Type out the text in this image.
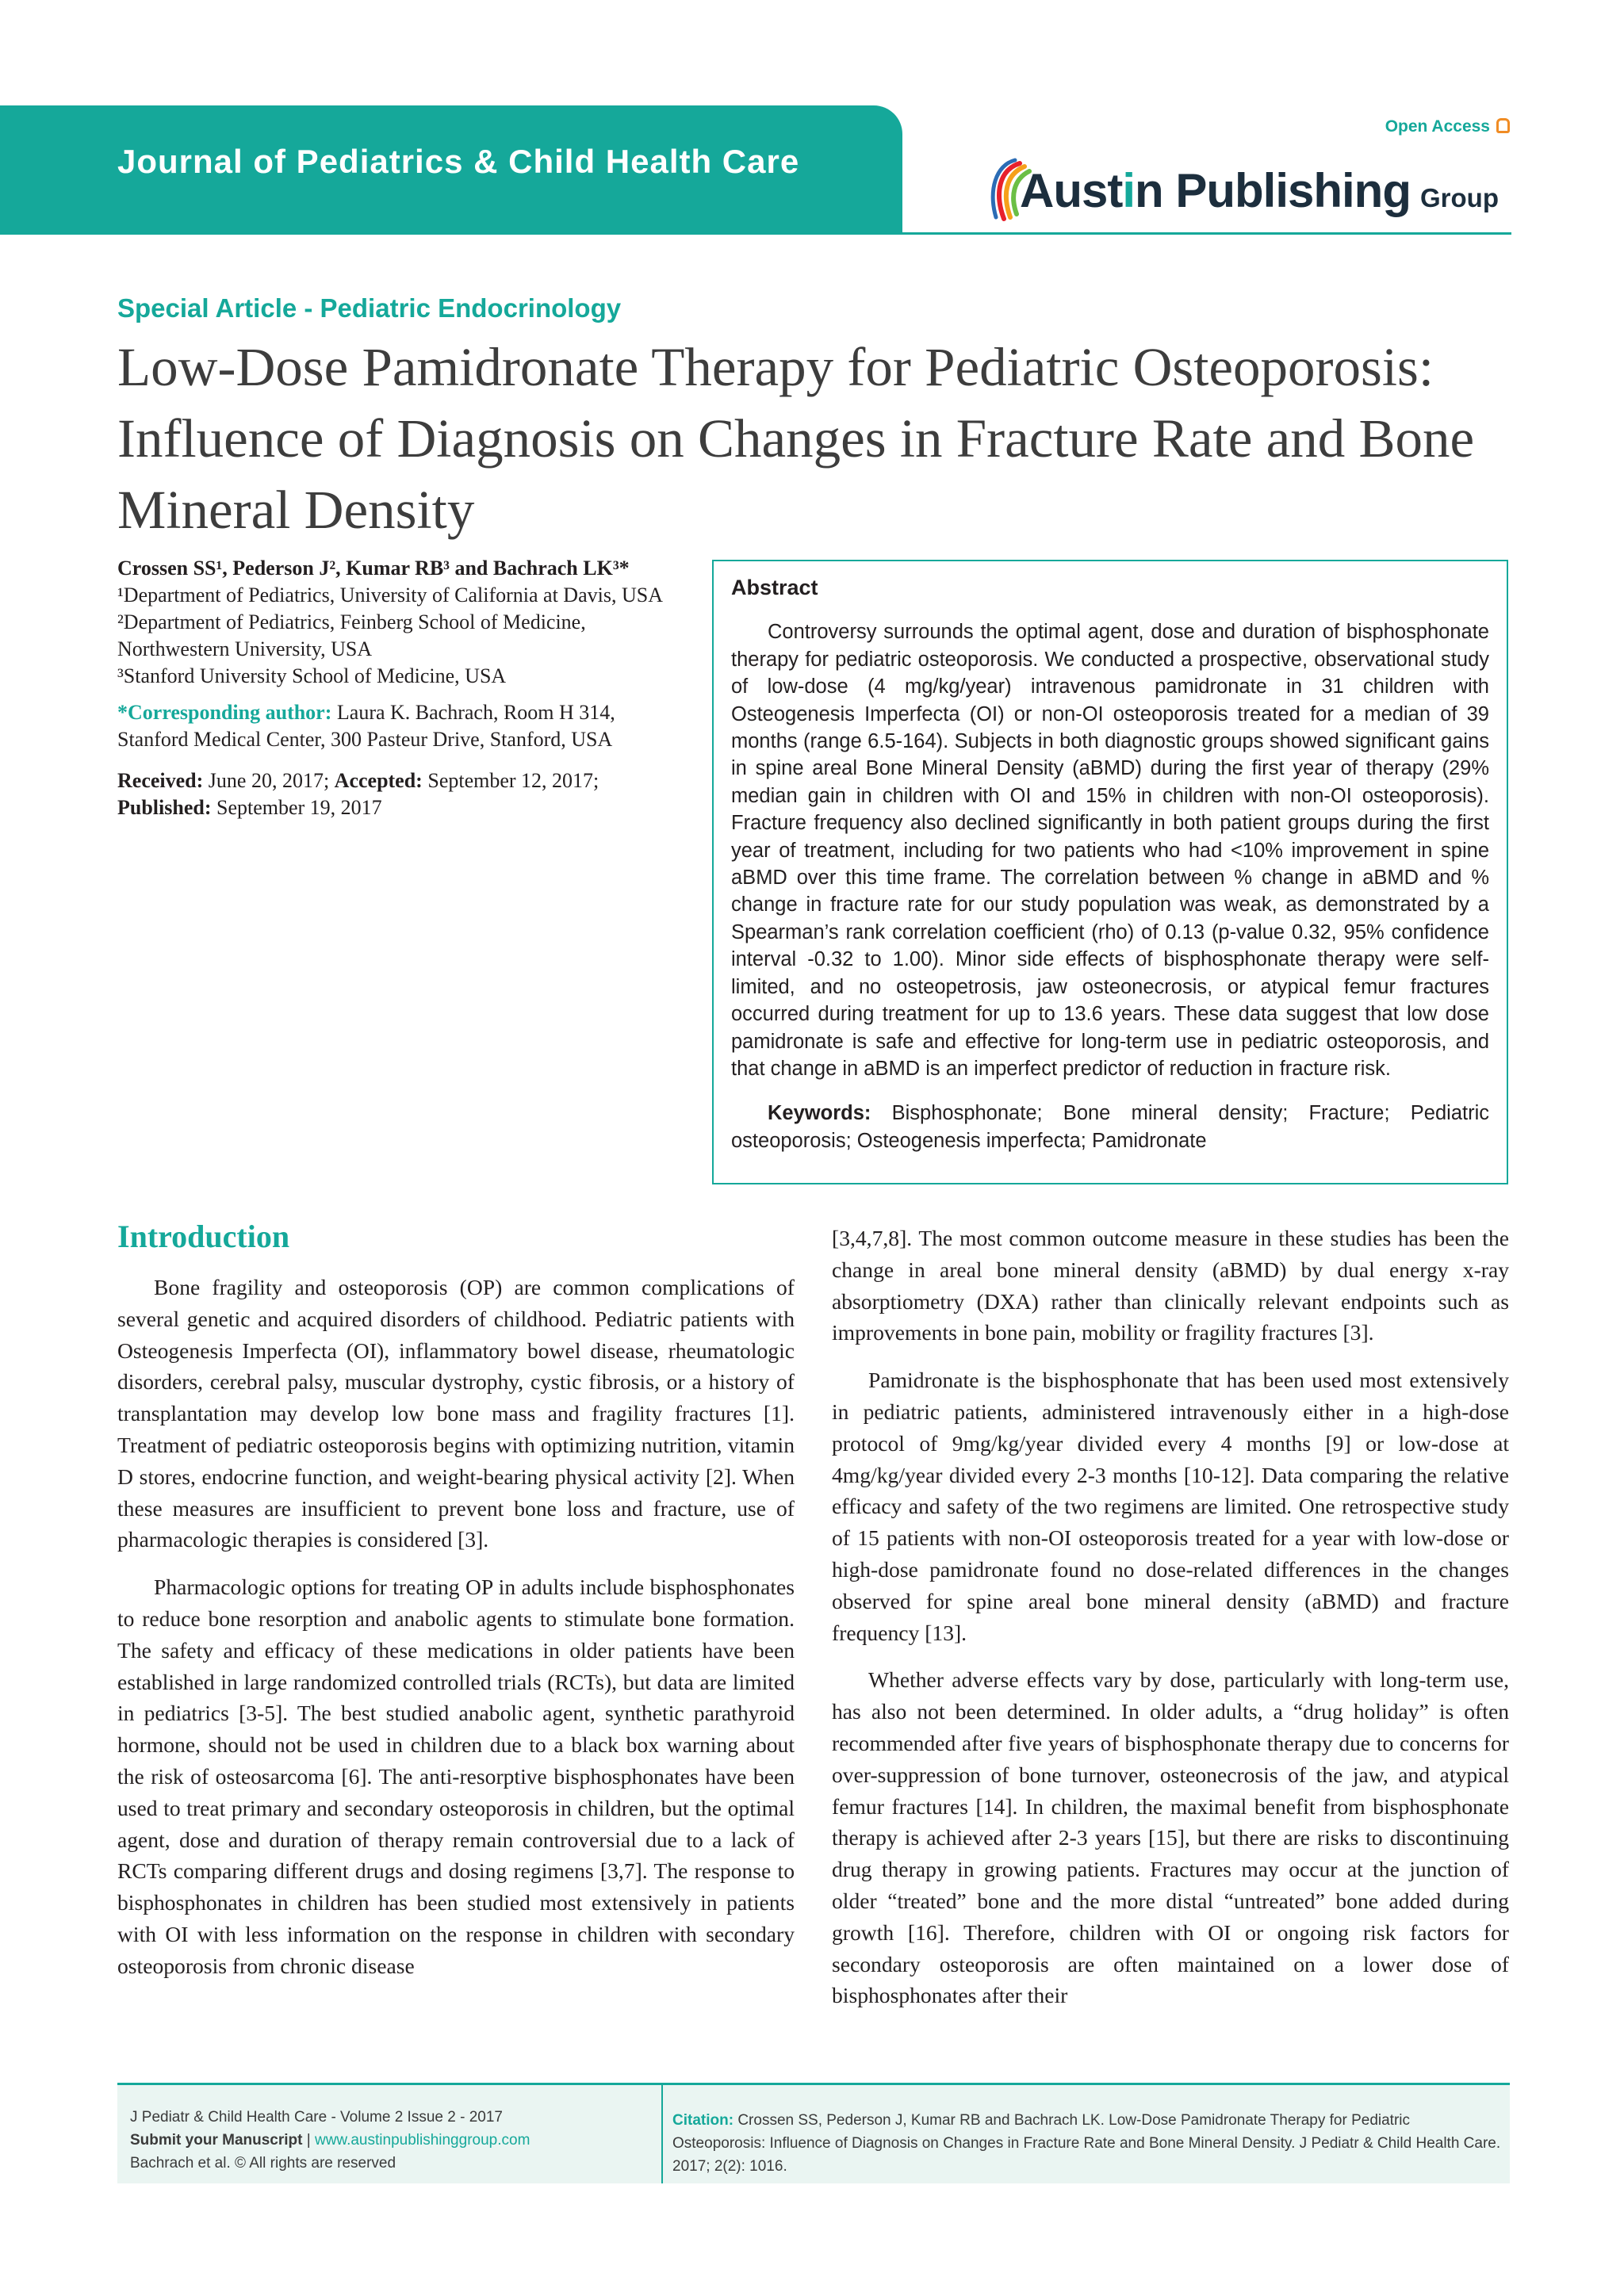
Journal of Pediatrics & Child Health Care
Open Access
Austin Publishing Group
Special Article - Pediatric Endocrinology
Low-Dose Pamidronate Therapy for Pediatric Osteoporosis: Influence of Diagnosis on Changes in Fracture Rate and Bone Mineral Density

Crossen SS¹, Pederson J², Kumar RB³ and Bachrach LK³*

¹Department of Pediatrics, University of California at Davis, USA

²Department of Pediatrics, Feinberg School of Medicine, Northwestern University, USA

³Stanford University School of Medicine, USA

*Corresponding author: Laura K. Bachrach, Room H 314, Stanford Medical Center, 300 Pasteur Drive, Stanford, USA

Received: June 20, 2017; Accepted: September 12, 2017; Published: September 19, 2017

Abstract

Controversy surrounds the optimal agent, dose and duration of bisphosphonate therapy for pediatric osteoporosis. We conducted a prospective, observational study of low-dose (4 mg/kg/year) intravenous pamidronate in 31 children with Osteogenesis Imperfecta (OI) or non-OI osteoporosis treated for a median of 39 months (range 6.5-164). Subjects in both diagnostic groups showed significant gains in spine areal Bone Mineral Density (aBMD) during the first year of therapy (29% median gain in children with OI and 15% in children with non-OI osteoporosis). Fracture frequency also declined significantly in both patient groups during the first year of treatment, including for two patients who had <10% improvement in spine aBMD over this time frame. The correlation between % change in aBMD and % change in fracture rate for our study population was weak, as demonstrated by a Spearman’s rank correlation coefficient (rho) of 0.13 (p-value 0.32, 95% confidence interval -0.32 to 1.00). Minor side effects of bisphosphonate therapy were self-limited, and no osteopetrosis, jaw osteonecrosis, or atypical femur fractures occurred during treatment for up to 13.6 years. These data suggest that low dose pamidronate is safe and effective for long-term use in pediatric osteoporosis, and that change in aBMD is an imperfect predictor of reduction in fracture risk.

Keywords: Bisphosphonate; Bone mineral density; Fracture; Pediatric osteoporosis; Osteogenesis imperfecta; Pamidronate

Introduction

Bone fragility and osteoporosis (OP) are common complications of several genetic and acquired disorders of childhood. Pediatric patients with Osteogenesis Imperfecta (OI), inflammatory bowel disease, rheumatologic disorders, cerebral palsy, muscular dystrophy, cystic fibrosis, or a history of transplantation may develop low bone mass and fragility fractures [1]. Treatment of pediatric osteoporosis begins with optimizing nutrition, vitamin D stores, endocrine function, and weight-bearing physical activity [2]. When these measures are insufficient to prevent bone loss and fracture, use of pharmacologic therapies is considered [3].

Pharmacologic options for treating OP in adults include bisphosphonates to reduce bone resorption and anabolic agents to stimulate bone formation. The safety and efficacy of these medications in older patients have been established in large randomized controlled trials (RCTs), but data are limited in pediatrics [3-5]. The best studied anabolic agent, synthetic parathyroid hormone, should not be used in children due to a black box warning about the risk of osteosarcoma [6]. The anti-resorptive bisphosphonates have been used to treat primary and secondary osteoporosis in children, but the optimal agent, dose and duration of therapy remain controversial due to a lack of RCTs comparing different drugs and dosing regimens [3,7]. The response to bisphosphonates in children has been studied most extensively in patients with OI with less information on the response in children with secondary osteoporosis from chronic disease

[3,4,7,8]. The most common outcome measure in these studies has been the change in areal bone mineral density (aBMD) by dual energy x-ray absorptiometry (DXA) rather than clinically relevant endpoints such as improvements in bone pain, mobility or fragility fractures [3].

Pamidronate is the bisphosphonate that has been used most extensively in pediatric patients, administered intravenously either in a high-dose protocol of 9mg/kg/year divided every 4 months [9] or low-dose at 4mg/kg/year divided every 2-3 months [10-12]. Data comparing the relative efficacy and safety of the two regimens are limited. One retrospective study of 15 patients with non-OI osteoporosis treated for a year with low-dose or high-dose pamidronate found no dose-related differences in the changes observed for spine areal bone mineral density (aBMD) and fracture frequency [13].

Whether adverse effects vary by dose, particularly with long-term use, has also not been determined. In older adults, a “drug holiday” is often recommended after five years of bisphosphonate therapy due to concerns for over-suppression of bone turnover, osteonecrosis of the jaw, and atypical femur fractures [14]. In children, the maximal benefit from bisphosphonate therapy is achieved after 2-3 years [15], but there are risks to discontinuing drug therapy in growing patients. Fractures may occur at the junction of older “treated” bone and the more distal “untreated” bone added during growth [16]. Therefore, children with OI or ongoing risk factors for secondary osteoporosis are often maintained on a lower dose of bisphosphonates after their

J Pediatr & Child Health Care - Volume 2 Issue 2 - 2017
Submit your Manuscript | www.austinpublishinggroup.com
Bachrach et al. © All rights are reserved
Citation: Crossen SS, Pederson J, Kumar RB and Bachrach LK. Low-Dose Pamidronate Therapy for Pediatric Osteoporosis: Influence of Diagnosis on Changes in Fracture Rate and Bone Mineral Density. J Pediatr & Child Health Care. 2017; 2(2): 1016.
